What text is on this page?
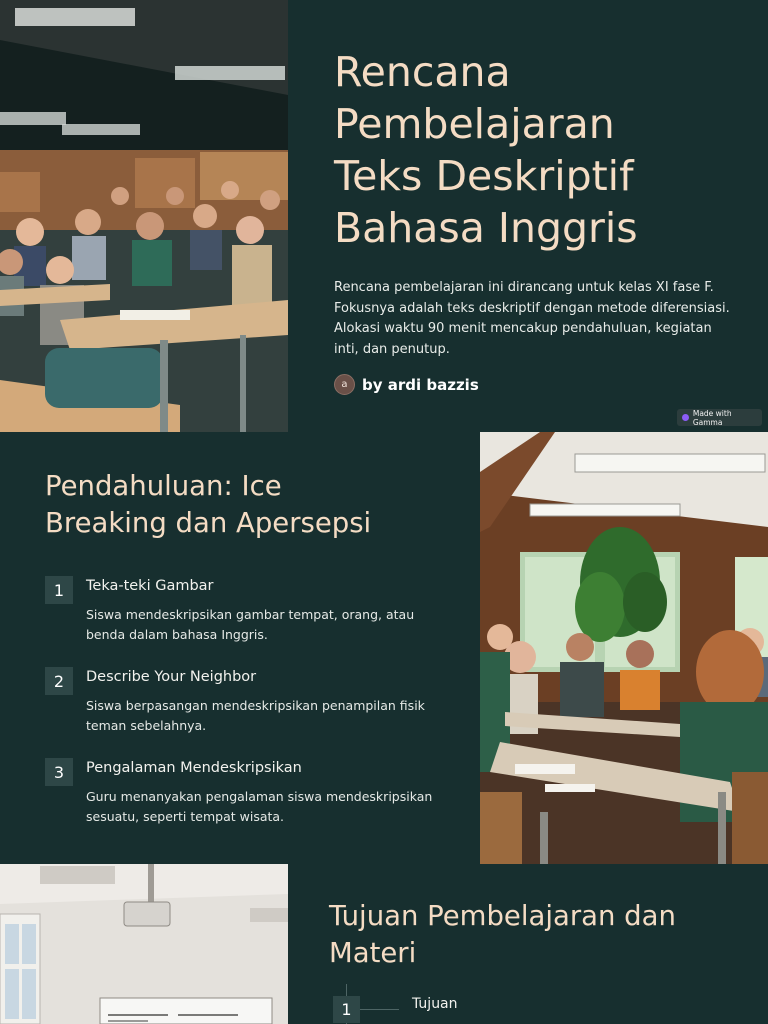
Rencana
Pembelajaran
Teks Deskriptif
Bahasa Inggris

Rencana pembelajaran ini dirancang untuk kelas XI fase F. Fokusnya adalah teks deskriptif dengan metode diferensiasi. Alokasi waktu 90 menit mencakup pendahuluan, kegiatan inti, dan penutup.

a by ardi bazzis
Made with Gamma
Pendahuluan: Ice
Breaking dan Apersepsi
1	Teka-teki Gambar
Siswa mendeskripsikan gambar tempat, orang, atau benda dalam bahasa Inggris.
2	Describe Your Neighbor
Siswa berpasangan mendeskripsikan penampilan fisik teman sebelahnya.
3	Pengalaman Mendeskripsikan
Guru menanyakan pengalaman siswa mendeskripsikan sesuatu, seperti tempat wisata.
Tujuan Pembelajaran dan
Materi
1	Tujuan
